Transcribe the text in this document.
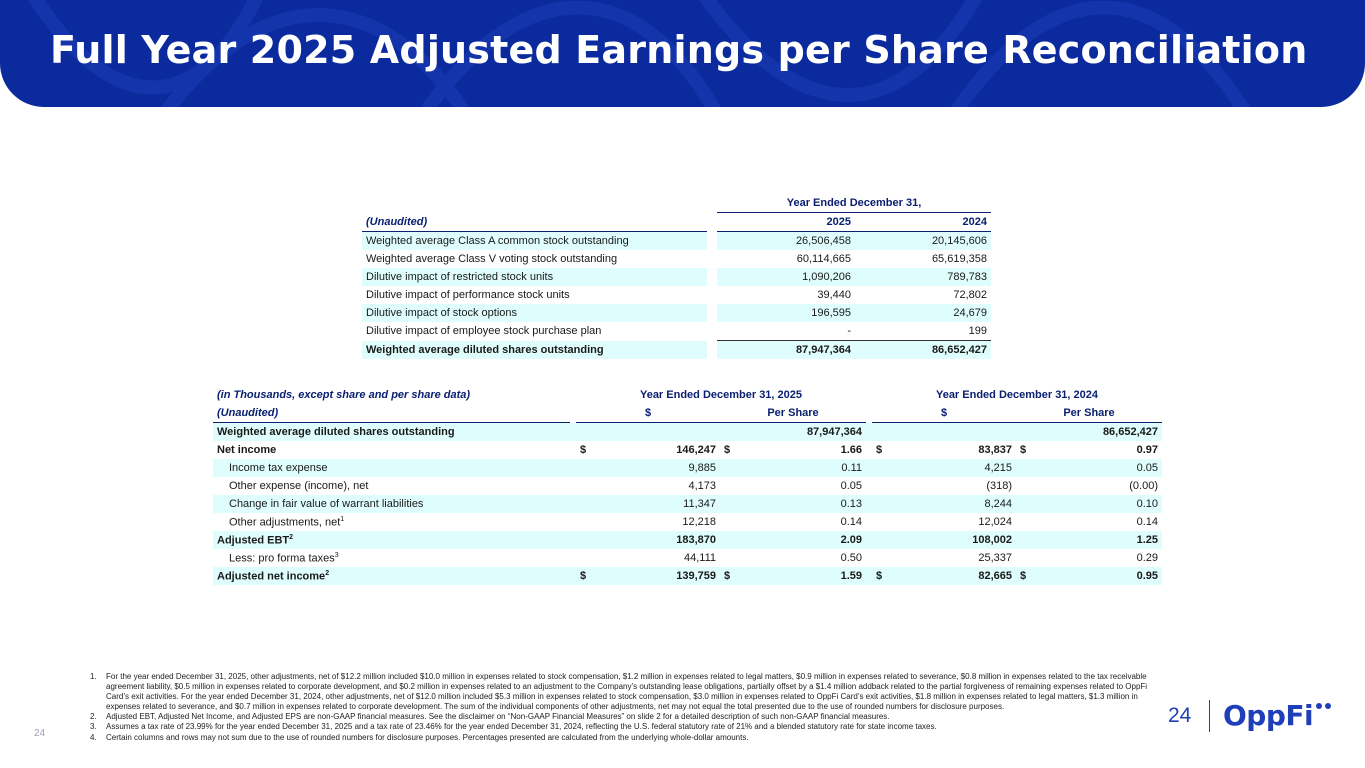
Full Year 2025 Adjusted Earnings per Share Reconciliation
		Year Ended December 31,	
(Unaudited)		2025	2024
Weighted average Class A common stock outstanding		26,506,458	20,145,606
Weighted average Class V voting stock outstanding		60,114,665	65,619,358
Dilutive impact of restricted stock units		1,090,206	789,783
Dilutive impact of performance stock units		39,440	72,802
Dilutive impact of stock options		196,595	24,679
Dilutive impact of employee stock purchase plan		-	199
Weighted average diluted shares outstanding		87,947,364	86,652,427
(in Thousands, except share and per share data)		Year Ended December 31, 2025					Year Ended December 31, 2024			
(Unaudited)		$		Per Share			$		Per Share	
Weighted average diluted shares outstanding					87,947,364					86,652,427
Net income		$	146,247	$	1.66		$	83,837	$	0.97
Income tax expense			9,885		0.11			4,215		0.05
Other expense (income), net			4,173		0.05			(318)		(0.00)
Change in fair value of warrant liabilities			11,347		0.13			8,244		0.10
Other adjustments, net$^1$			12,218		0.14			12,024		0.14
Adjusted EBT$^2$			183,870		2.09			108,002		1.25
Less: pro forma taxes$^3$			44,111		0.50			25,337		0.29
Adjusted net income$^2$		$	139,759	$	1.59		$	82,665	$	0.95
1. For the year ended December 31, 2025, other adjustments, net of $12.2 million included $10.0 million in expenses related to stock compensation, $1.2 million in expenses related to legal matters, $0.9 million in expenses related to severance, $0.8 million in expenses related to the tax receivable agreement liability, $0.5 million in expenses related to corporate development, and $0.2 million in expenses related to an adjustment to the Company’s outstanding lease obligations, partially offset by a $1.4 million addback related to the partial forgiveness of remaining expenses related to OppFi Card’s exit activities. For the year ended December 31, 2024, other adjustments, net of $12.0 million included $5.3 million in expenses related to stock compensation, $3.0 million in expenses related to OppFi Card’s exit activities, $1.8 million in expenses related to legal matters, $1.3 million in expenses related to severance, and $0.7 million in expenses related to corporate development. The sum of the individual components of other adjustments, net may not equal the total presented due to the use of rounded numbers for disclosure purposes.
2. Adjusted EBT, Adjusted Net Income, and Adjusted EPS are non-GAAP financial measures. See the disclaimer on “Non-GAAP Financial Measures” on slide 2 for a detailed description of such non-GAAP financial measures.
3. Assumes a tax rate of 23.99% for the year ended December 31, 2025 and a tax rate of 23.46% for the year ended December 31, 2024, reflecting the U.S. federal statutory rate of 21% and a blended statutory rate for state income taxes.
4. Certain columns and rows may not sum due to the use of rounded numbers for disclosure purposes. Percentages presented are calculated from the underlying whole-dollar amounts.
24
24 OppFi
